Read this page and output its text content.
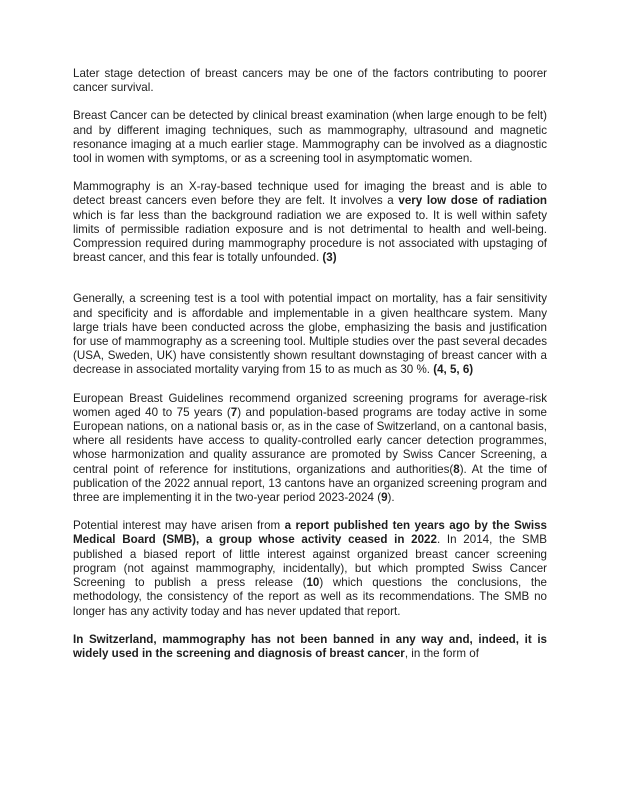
Later stage detection of breast cancers may be one of the factors contributing to poorer cancer survival.

Breast Cancer can be detected by clinical breast examination (when large enough to be felt) and by different imaging techniques, such as mammography, ultrasound and magnetic resonance imaging at a much earlier stage. Mammography can be involved as a diagnostic tool in women with symptoms, or as a screening tool in asymptomatic women.

Mammography is an X-ray-based technique used for imaging the breast and is able to detect breast cancers even before they are felt. It involves a very low dose of radiation which is far less than the background radiation we are exposed to. It is well within safety limits of permissible radiation exposure and is not detrimental to health and well-being. Compression required during mammography procedure is not associated with upstaging of breast cancer, and this fear is totally unfounded. (3)

Generally, a screening test is a tool with potential impact on mortality, has a fair sensitivity and specificity and is affordable and implementable in a given healthcare system. Many large trials have been conducted across the globe, emphasizing the basis and justification for use of mammography as a screening tool. Multiple studies over the past several decades (USA, Sweden, UK) have consistently shown resultant downstaging of breast cancer with a decrease in associated mortality varying from 15 to as much as 30 %. (4, 5, 6)

European Breast Guidelines recommend organized screening programs for average-risk women aged 40 to 75 years (7) and population-based programs are today active in some European nations, on a national basis or, as in the case of Switzerland, on a cantonal basis, where all residents have access to quality-controlled early cancer detection programmes, whose harmonization and quality assurance are promoted by Swiss Cancer Screening, a central point of reference for institutions, organizations and authorities(8). At the time of publication of the 2022 annual report, 13 cantons have an organized screening program and three are implementing it in the two-year period 2023-2024 (9).

Potential interest may have arisen from a report published ten years ago by the Swiss Medical Board (SMB), a group whose activity ceased in 2022. In 2014, the SMB published a biased report of little interest against organized breast cancer screening program (not against mammography, incidentally), but which prompted Swiss Cancer Screening to publish a press release (10) which questions the conclusions, the methodology, the consistency of the report as well as its recommendations. The SMB no longer has any activity today and has never updated that report.

In Switzerland, mammography has not been banned in any way and, indeed, it is widely used in the screening and diagnosis of breast cancer, in the form of
